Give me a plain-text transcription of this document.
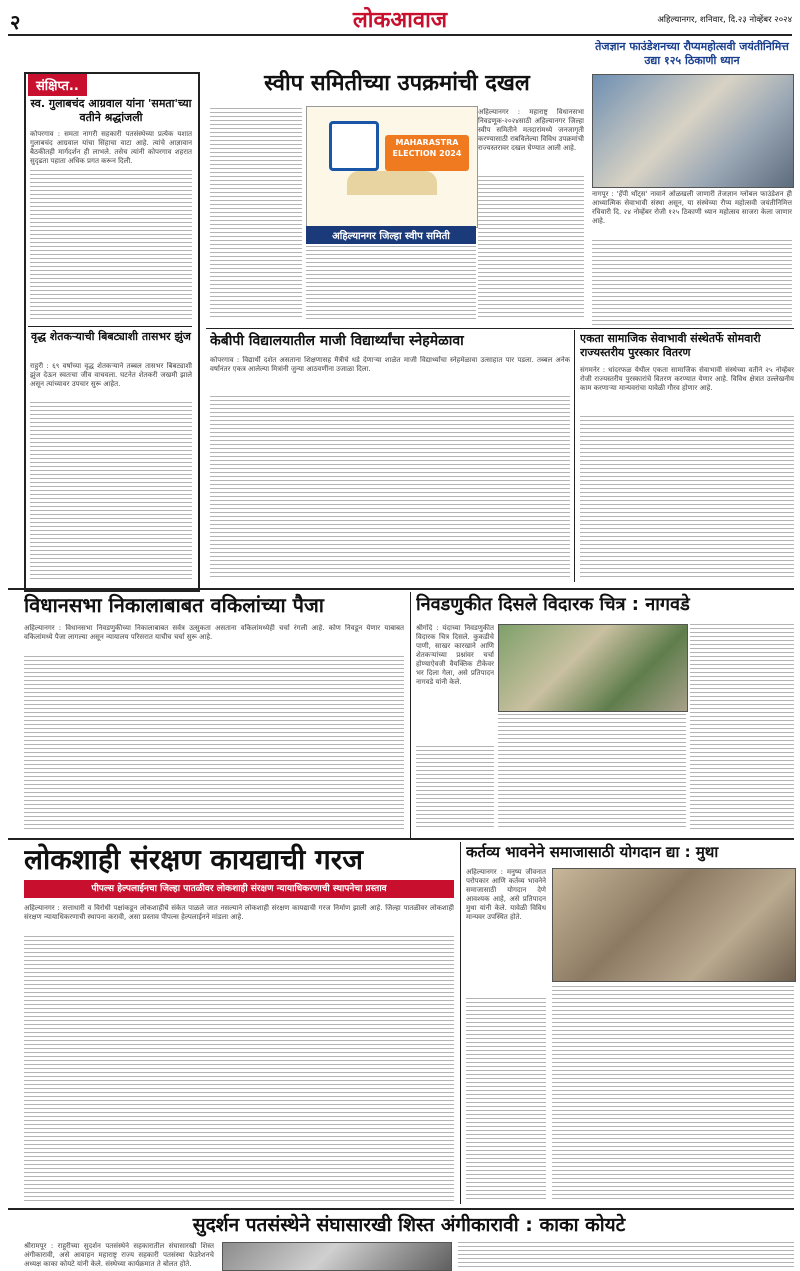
२	लोकआवाज	अहिल्यानगर, शनिवार, दि.२३ नोव्हेंबर २०२४
संक्षिप्त..
स्व. गुलाबचंद आग्रवाल यांना 'समता'च्या वतीने श्रद्धांजली
कोपरगाव : समता नागरी सहकारी पतसंस्थेच्या प्रत्येक यशात गुलाबचंद आग्रवाल यांचा सिंहाचा वाटा आहे. त्यांचे आज्ञावान बैठकीतही मार्गदर्शन ही लाभले. तसेच त्यांनी कोपरगाव शहरात सुदृढता पहाता अधिक प्रगत करून दिली.
वृद्ध शेतकऱ्याची बिबट्याशी तासभर झुंज
राहुरी : ६९ वर्षाच्या वृद्ध शेतकऱ्याने तब्बल तासभर बिबट्याशी झुंज देऊन स्वतःचा जीव वाचवला. घटनेत शेतकरी जखमी झाले असून त्यांच्यावर उपचार सुरू आहेत.
स्वीप समितीच्या उपक्रमांची दखल
MAHARASTRA ELECTION 2024
अहिल्यानगर जिल्हा स्वीप समिती
अहिल्यानगर : महाराष्ट्र विधानसभा निवडणूक-२०२४साठी अहिल्यानगर जिल्हा स्वीप समितीने मतदारांमध्ये जनजागृती करण्यासाठी राबविलेल्या विविध उपक्रमांची राज्यस्तरावर दखल घेण्यात आली आहे.
तेजज्ञान फाउंडेशनच्या रौप्यमहोत्सवी जयंतीनिमित्त उद्या १२५ ठिकाणी ध्यान
नागपूर : 'हॅपी थॉट्स' नावाने ओळखली जाणारी तेजज्ञान ग्लोबल फाउंडेशन ही आध्यात्मिक सेवाभावी संस्था असून, या संस्थेच्या रौप्य महोत्सवी जयंतीनिमित्त रविवारी दि. २४ नोव्हेंबर रोजी १२५ ठिकाणी ध्यान महोत्सव साजरा केला जाणार आहे.
केबीपी विद्यालयातील माजी विद्यार्थ्यांचा स्नेहमेळावा
कोपरगाव : विद्यार्थी दशेत असताना शिक्षणासह मैत्रीचे धडे देणाऱ्या शाळेत माजी विद्यार्थ्यांचा स्नेहमेळावा उत्साहात पार पडला. तब्बल अनेक वर्षांनंतर एकत्र आलेल्या मित्रांनी जुन्या आठवणींना उजाळा दिला.
एकता सामाजिक सेवाभावी संस्थेतर्फे सोमवारी राज्यस्तरीय पुरस्कार वितरण
संगमनेर : धांदरफळ येथील एकता सामाजिक सेवाभावी संस्थेच्या वतीने २५ नोव्हेंबर रोजी राज्यस्तरीय पुरस्कारांचे वितरण करण्यात येणार आहे. विविध क्षेत्रात उल्लेखनीय काम करणाऱ्या मान्यवरांचा यावेळी गौरव होणार आहे.
विधानसभा निकालाबाबत वकिलांच्या पैजा
अहिल्यानगर : विधानसभा निवडणुकीच्या निकालाबाबत सर्वत्र उत्सुकता असताना वकिलांमध्येही चर्चा रंगली आहे. कोण निवडून येणार याबाबत वकिलांमध्ये पैजा लागल्या असून न्यायालय परिसरात याचीच चर्चा सुरू आहे.
निवडणुकीत दिसले विदारक चित्र : नागवडे
श्रीगोंदे : यंदाच्या निवडणुकीत विदारक चित्र दिसले. कुकडीचे पाणी, साखर कारखाने आणि शेतकऱ्यांच्या प्रश्नांवर चर्चा होण्याऐवजी वैयक्तिक टीकेवर भर दिला गेला, असे प्रतिपादन नागवडे यांनी केले.
लोकशाही संरक्षण कायद्याची गरज
पीपल्स हेल्पलाईनचा जिल्हा पातळीवर लोकशाही संरक्षण न्यायाधिकरणाची स्थापनेचा प्रस्ताव
अहिल्यानगर : सत्ताधारी व विरोधी पक्षांकडून लोकशाहीचे संकेत पाळले जात नसल्याने लोकशाही संरक्षण कायद्याची गरज निर्माण झाली आहे. जिल्हा पातळीवर लोकशाही संरक्षण न्यायाधिकरणाची स्थापना करावी, असा प्रस्ताव पीपल्स हेल्पलाईनने मांडला आहे.
कर्तव्य भावनेने समाजासाठी योगदान द्या : मुथा
अहिल्यानगर : मनुष्य जीवनात परोपकार आणि कर्तव्य भावनेने समाजासाठी योगदान देणे आवश्यक आहे, असे प्रतिपादन मुथा यांनी केले. यावेळी विविध मान्यवर उपस्थित होते.
सुदर्शन पतसंस्थेने संघासारखी शिस्त अंगीकारावी : काका कोयटे
श्रीरामपूर : राहुरीच्या सुदर्शन पतसंस्थेने सहकारातील संघासारखी शिस्त अंगीकारावी, असे आवाहन महाराष्ट्र राज्य सहकारी पतसंस्था फेडरेशनचे अध्यक्ष काका कोयटे यांनी केले. संस्थेच्या कार्यक्रमात ते बोलत होते.
